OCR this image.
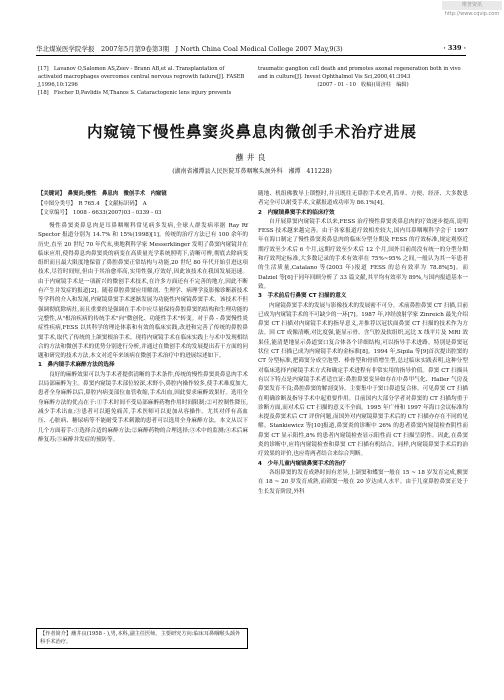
维普资讯 http://www.cqvip.com
华北煤炭医学院学报　2007年5月第9卷第3期　J North China Coal Medical College 2007 May,9(3)	· 339 ·

[17]　Lavanov O,Salomon AS,Zeev - Brann AB,et al. Transplantation of activated macrophages overcomes central nervous regrowth failure[J]. FASEB J,1996,10:1296

[18]　Fischer D,Pavlidis M,Thanos S. Cataractogenic lens injury prevents

traumatic ganglion cell death and promotes axonal regeneration both in vivo and in culture[J]. Invest Ophthalmol Vis Sci,2000,41:3943

(2007 - 01 - 10　收稿)(周济柱　编辑)

内窥镜下慢性鼻窦炎鼻息肉微创手术治疗进展
蘸井良
(湖南省湘潭县人民医院耳鼻咽喉头颈外科　湘潭　411228)
【关键词】　鼻窦炎;慢性　鼻息肉　微创手术　内窥镜
【中图分类号】　R 765.4　【文献标识码】　A
【文章编号】　1008 - 6633(2007)03 - 0339 - 03

慢性鼻窦炎鼻息肉是耳鼻咽喉科常见病多发病,全球人群发病率据 Ray Rf Spector 报道分别为 14.7% 和 15%(1998)[1]。传统的治疗方法已有 100 余年的历史,直至 20 世纪 70 年代末,奥地利科学家 Messerklinger 发明了鼻窦内窥镜并在临床应用,使得鼻息肉鼻窦炎的病变在高质量光学系统照明下,清晰可辨,彻底去除病变组织而且最大限度地保留了鼻腔鼻窦正常结构与功能,20 世纪 80 年代开始引进这项技术,尽管时间短,但由于其治愈率高,实用性强,疗效好,因此该技术在我国发展迅速。由于内窥镜手术是一项新兴的微创手术技术,在许多方面还有不完善的地方,因此不断有产生并发症的报道[2]。随着鼻腔鼻窦应用解剖、生理学、病理学及影像诊断新技术等学科的介入和发展,内窥镜鼻窦手术逐渐发展为功能性内窥镜鼻窦手术。该技术不但强调彻底除病灶,而且重要的是强调在手术中应尽量保持鼻腔鼻窦的结构和生理功能的完整性,从"根治疾病的传统手术"向"微创化、功能性手术"转变。对于鼻 - 鼻窦慢性炎症性疾病,FESS 以其科学的理论体系和有效的临床实践,改进和完善了传统的鼻腔鼻窦手术,取代了传统的上颌窦根治手术。现将内窥镜手术在临床实践上与术中发现相结合的方法和微创手术的优势分别进行分析,并通过在微创手术的发展提出若干方面的问题和研究的技术方法,本文对近年来该病在微创手术治疗中的进展综述如下。

1　鼻内镜手术麻醉方法的选择

良好的麻醉效果可以为手术者提供清晰的手术条件,传统的慢性鼻窦炎鼻息肉手术以局部麻醉为主。鼻窦内窥镜手术部位较深,术野小,鼻腔内操作较多,使手术难度加大,患者全身麻醉以后,鼻腔内病变部位血管收缩,手术出血,因此要求麻醉效果好。选用全身麻醉方法的优点在于:①手术时间不受局部麻醉药物作用时间限制;②可控制性降压,减少手术出血;③患者可以避免痛苦,手术医师可以更加从容操作。尤其对伴有高血压、心脏病、糖尿病等不能耐受手术刺激的患者可以选用全身麻醉方法。本文从以下几个方面着手:①选择合适的麻醉方法;②麻醉药物的合理选择;③术中的监测;④术后麻醉复苏;⑤麻醉并发症的预防等。

【作者简介】蘸井良(1958 - ),男,本科,副主任医师。主要研究方向:临床耳鼻咽喉头颈外科手术治疗。

随地、机组佛教导上锁整时,并且既往无鼻腔手术史者,简单、方便、经济、大多数患者完全可以耐受手术,文献报道成功率为 86.1%[4]。

2　内窥镜鼻窦手术的临床疗效

自开展鼻窦内窥镜手术以来,FESS 治疗慢性鼻窦炎鼻息肉的疗效逐步提高,说明 FESS 技术越来越完善。由于各家报道疗效相差较大,国内耳鼻咽喉科学会于 1997 年在海口制定了慢性鼻窦炎鼻息肉的临床分型分期及 FESS 的疗效标准,规定观察近期疗效至少术后 6 个月,远期疗效至少术后 12 个月,国外目前尚没有统一的分型分期和疗效判定标准,大多数记录的手术有效率在 75%~95% 之间,一般认为其一年患者的生活质量,Catalano 等(2003 年)报道 FESS 的总有效率为 78.8%[5]。而 Dalziel 等[6]于同年回顾分析了 33 篇文献,其平均有效率为 89%,与国内报道基本一致。

3　手术前后行鼻窦 CT 扫描的意义

内窥镜鼻窦手术的发展与影像技术的发展密不可分。术前鼻腔鼻窦 CT 扫描,目前已成为内窥镜手术的不可缺少的一环[7]。1987 年,冲经放射学家 Zinreich 最先介绍鼻窦 CT 扫描对内窥镜手术的指导意义,并推荐以冠状面鼻窦 CT 扫描的技术作为方法。因 CT 成像清晰,对比度强,能显示骨、含气腔及软组织,远比 X 线平片及 MRI 效果佳,能清楚地显示鼻道窦口复合体各个详细结构,可以指导手术进路。特别是鼻窦冠状位 CT 扫描已成为内窥镜手术的金标准[8]。1994 年,Sipila 等[9]首次提出腔窦的 CT 分型标准,把筛窦分成空泡型、棒骨型和骨质增生型,总过临床实践表明,这种分型对临床选择内窥镜手术方式和确定手术进程有非常实用的指导价值。鼻窦 CT 扫描具有以下特点是内窥镜手术者适宜证:鼻腔鼻窦变异如存在中鼻甲气化、Haller 气房及鼻窦发育不良;鼻腔鼻窦的解剖变异。主要集中于窦口鼻道复合体。可见鼻窦 CT 扫描在明确诊断及指导手术中起重要作用。目前国内大部分学者对鼻窦的 CT 扫描均重于诊断方面,而对术后 CT 扫描的意义不全面。1995 年广州和 1997 年海口会议标准均未提及鼻窦术后 CT 评价问题,而国外对内窥镜鼻窦手术后的 CT 扫描亦存在不同的见解。Stankiewicz 等[10]报道,鼻窦炎的诊断中 26% 的患者鼻窦内窥镜检查阴性而鼻窦 CT 显示阳性,8% 的患者内窥镜检查显示阳性而 CT 扫描呈阴性。因此,在鼻窦炎的诊断中,应将内窥镜检查和鼻窦 CT 扫描有机结合。同样,内窥镜鼻窦手术后的治疗效果的评价,也应将两者结合来综合判断。

4　少年儿童内窥镜鼻窦手术的治疗

各组鼻窦的发育成熟时间有差异,上颌窦和蝶窦一般在 15 ~ 18 岁发育完成,额窦在 18 ~ 20 岁发育成熟,而筛窦一般在 20 岁达成人水平。由于儿童鼻腔鼻窦正处于生长发育阶段,外科
